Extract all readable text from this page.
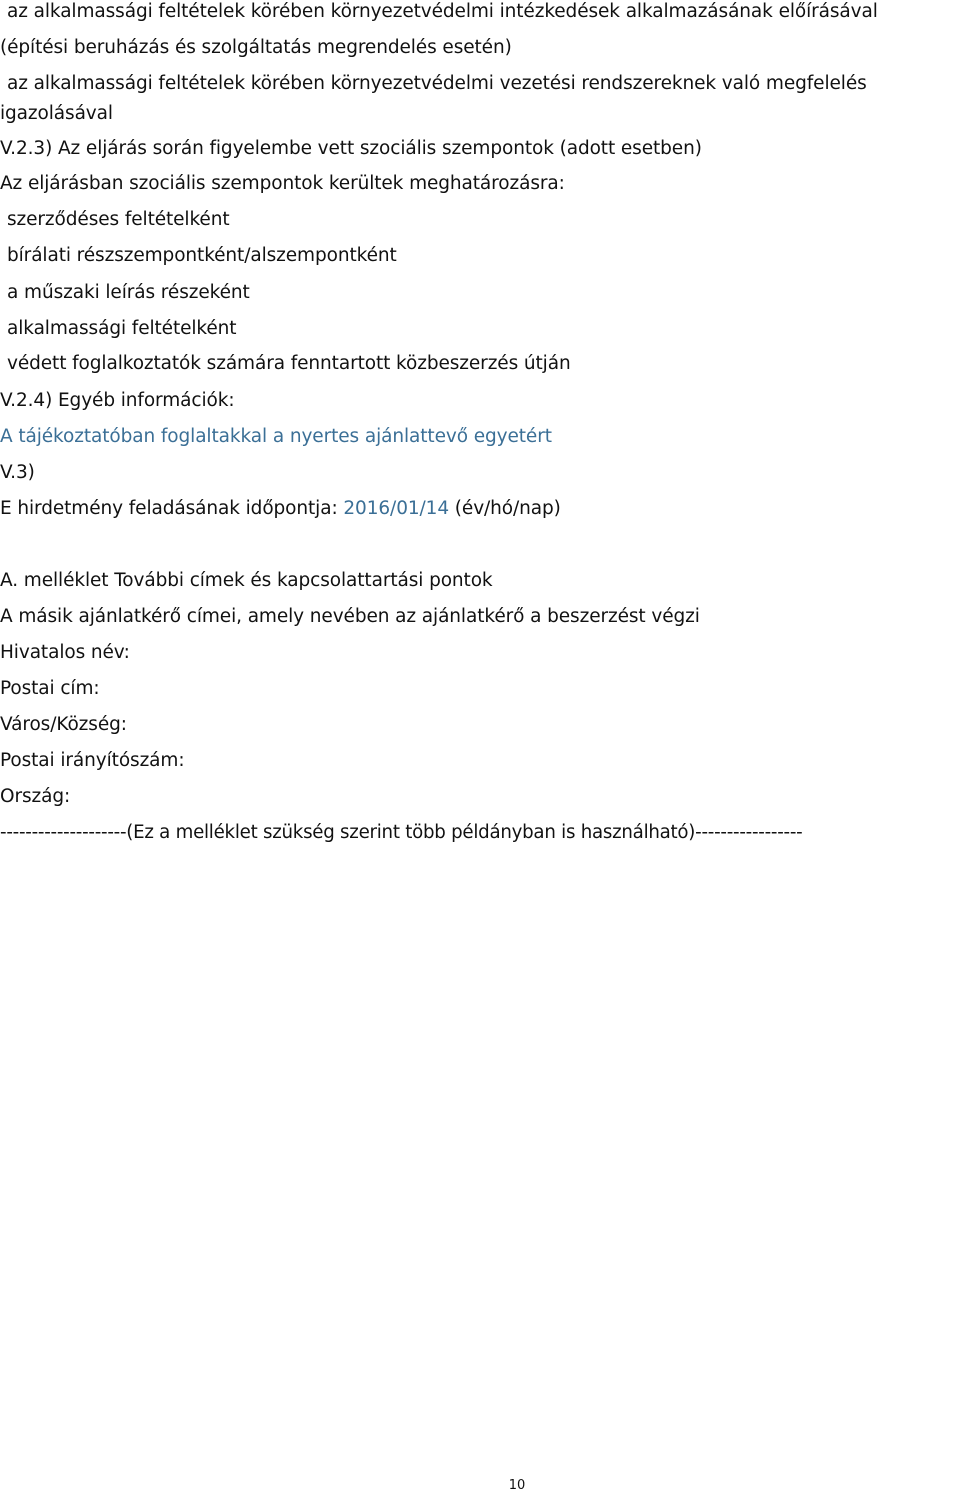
az alkalmassági feltételek körében környezetvédelmi intézkedések alkalmazásának előírásával
(építési beruházás és szolgáltatás megrendelés esetén)
az alkalmassági feltételek körében környezetvédelmi vezetési rendszereknek való megfelelés
igazolásával
V.2.3) Az eljárás során figyelembe vett szociális szempontok (adott esetben)
Az eljárásban szociális szempontok kerültek meghatározásra:
szerződéses feltételként
bírálati részszempontként/alszempontként
a műszaki leírás részeként
alkalmassági feltételként
védett foglalkoztatók számára fenntartott közbeszerzés útján
V.2.4) Egyéb információk:
A tájékoztatóban foglaltakkal a nyertes ajánlattevő egyetért
V.3)
E hirdetmény feladásának időpontja: 2016/01/14 (év/hó/nap)
A. melléklet További címek és kapcsolattartási pontok
A másik ajánlatkérő címei, amely nevében az ajánlatkérő a beszerzést végzi
Hivatalos név:
Postai cím:
Város/Község:
Postai irányítószám:
Ország:
--------------------(Ez a melléklet szükség szerint több példányban is használható)-----------------
10
